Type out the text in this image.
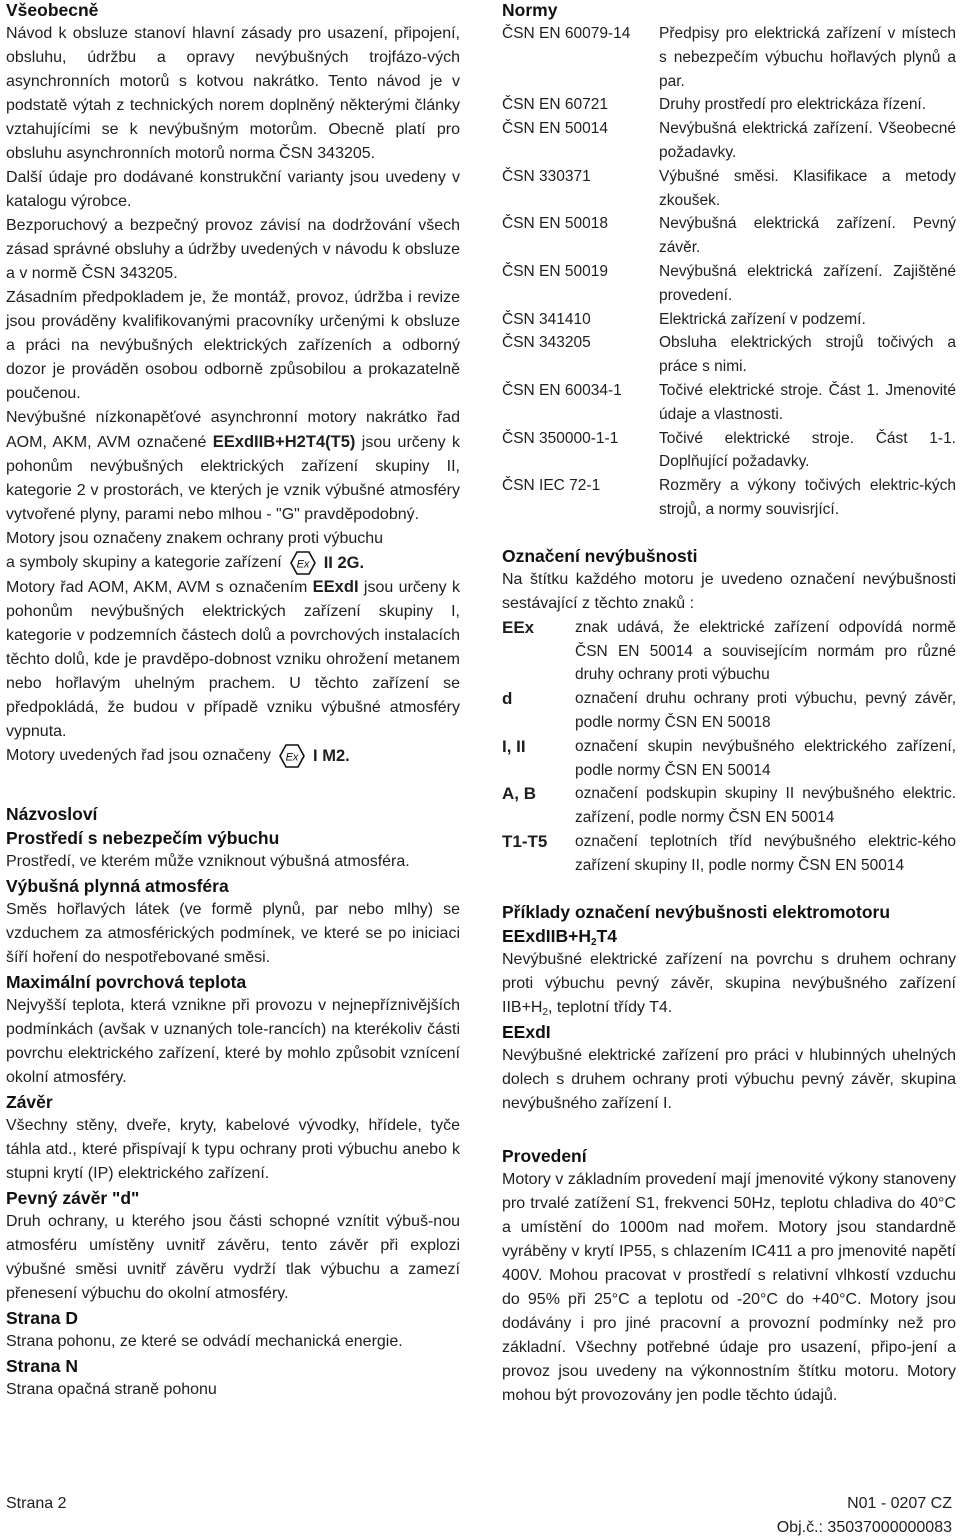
Všeobecně
Návod k obsluze stanoví hlavní zásady pro usazení, připojení, obsluhu, údržbu a opravy nevýbušných trojfázo-vých asynchronních motorů s kotvou nakrátko. Tento návod je v podstatě výtah z technických norem doplněný některými články vztahujícími se k nevýbušným motorům. Obecně platí pro obsluhu asynchronních motorů norma ČSN 343205.
Další údaje pro dodávané konstrukční varianty jsou uvedeny v katalogu výrobce.
Bezporuchový a bezpečný provoz závisí na dodržování všech zásad správné obsluhy a údržby uvedených v návodu k obsluze a v normě ČSN 343205.
Zásadním předpokladem je, že montáž, provoz, údržba i revize jsou prováděny kvalifikovanými pracovníky určenými k obsluze a práci na nevýbušných elektrických zařízeních a odborný dozor je prováděn osobou odborně způsobilou a prokazatelně poučenou.
Nevýbušné nízkonapěťové asynchronní motory nakrátko řad AOM, AKM, AVM označené EExdIIB+H2T4(T5) jsou určeny k pohonům nevýbušných elektrických zařízení skupiny II, kategorie 2 v prostorách, ve kterých je vznik výbušné atmosféry vytvořené plyny, parami nebo mlhou - "G" pravděpodobný.
Motory jsou označeny znakem ochrany proti výbuchu
a symboly skupiny a kategorie zařízení Ex II 2G.
Motory řad AOM, AKM, AVM s označením EExdI jsou určeny k pohonům nevýbušných elektrických zařízení skupiny I, kategorie v podzemních částech dolů a povrchových instalacích těchto dolů, kde je pravděpo-dobnost vzniku ohrožení metanem nebo hořlavým uhelným prachem. U těchto zařízení se předpokládá, že budou v případě vzniku výbušné atmosféry vypnuta.
Motory uvedených řad jsou označeny Ex I M2.
Názvosloví
Prostředí s nebezpečím výbuchu
Prostředí, ve kterém může vzniknout výbušná atmosféra.
Výbušná plynná atmosféra
Směs hořlavých látek (ve formě plynů, par nebo mlhy) se vzduchem za atmosférických podmínek, ve které se po iniciaci šíří hoření do nespotřebované směsi.
Maximální povrchová teplota
Nejvyšší teplota, která vznikne při provozu v nejnepříznivějších podmínkách (avšak v uznaných tole-rancích) na kterékoliv části povrchu elektrického zařízení, které by mohlo způsobit vznícení okolní atmosféry.
Závěr
Všechny stěny, dveře, kryty, kabelové vývodky, hřídele, tyče táhla atd., které přispívají k typu ochrany proti výbuchu anebo k stupni krytí (IP) elektrického zařízení.
Pevný závěr "d"
Druh ochrany, u kterého jsou části schopné vznítit výbuš-nou atmosféru umístěny uvnitř závěru, tento závěr při explozi výbušné směsi uvnitř závěru vydrží tlak výbuchu a zamezí přenesení výbuchu do okolní atmosféry.
Strana D
Strana pohonu, ze které se odvádí mechanická energie.
Strana N
Strana opačná straně pohonu
Normy
ČSN EN 60079-14	Předpisy pro elektrická zařízení v místech s nebezpečím výbuchu hořlavých plynů a par.
ČSN EN 60721	Druhy prostředí pro elektrickáza řízení.
ČSN EN 50014	Nevýbušná elektrická zařízení. Všeobecné požadavky.
ČSN 330371	Výbušné směsi. Klasifikace a metody zkoušek.
ČSN EN 50018	Nevýbušná elektrická zařízení. Pevný závěr.
ČSN EN 50019	Nevýbušná elektrická zařízení. Zajištěné provedení.
ČSN 341410	Elektrická zařízení v podzemí.
ČSN 343205	Obsluha elektrických strojů točivých a práce s nimi.
ČSN EN 60034-1	Točivé elektrické stroje. Část 1. Jmenovité údaje a vlastnosti.
ČSN 350000-1-1	Točivé elektrické stroje. Část 1-1. Doplňující požadavky.
ČSN IEC 72-1	Rozměry a výkony točivých elektric-kých strojů, a normy souvisrjící.
Označení nevýbušnosti
Na štítku každého motoru je uvedeno označení nevýbušnosti sestávající z těchto znaků :
EEx	znak udává, že elektrické zařízení odpovídá normě ČSN EN 50014 a souvisejícím normám pro různé druhy ochrany proti výbuchu
d	označení druhu ochrany proti výbuchu, pevný závěr, podle normy ČSN EN 50018
I, II	označení skupin nevýbušného elektrického zařízení, podle normy ČSN EN 50014
A, B	označení podskupin skupiny II nevýbušného elektric. zařízení, podle normy ČSN EN 50014
T1-T5	označení teplotních tříd nevýbušného elektric-kého zařízení skupiny II, podle normy ČSN EN 50014
Příklady označení nevýbušnosti elektromotoru
$EExdIIB+H_2T4$
Nevýbušné elektrické zařízení na povrchu s druhem ochrany proti výbuchu pevný závěr, skupina nevýbušného zařízení $IIB+H_2$, teplotní třídy T4.
EExdI
Nevýbušné elektrické zařízení pro práci v hlubinných uhelných dolech s druhem ochrany proti výbuchu pevný závěr, skupina nevýbušného zařízení I.
Provedení
Motory v základním provedení mají jmenovité výkony stanoveny pro trvalé zatížení S1, frekvenci 50Hz, teplotu chladiva do 40°C a umístění do 1000m nad mořem. Motory jsou standardně vyráběny v krytí IP55, s chlazením IC411 a pro jmenovité napětí 400V. Mohou pracovat v prostředí s relativní vlhkostí vzduchu do 95% při 25°C a teplotu od -20°C do +40°C. Motory jsou dodávány i pro jiné pracovní a provozní podmínky než pro základní. Všechny potřebné údaje pro usazení, připo-jení a provoz jsou uvedeny na výkonnostním štítku motoru. Motory mohou být provozovány jen podle těchto údajů.
Strana 2	N01 - 0207 CZ
Obj.č.: 35037000000083
